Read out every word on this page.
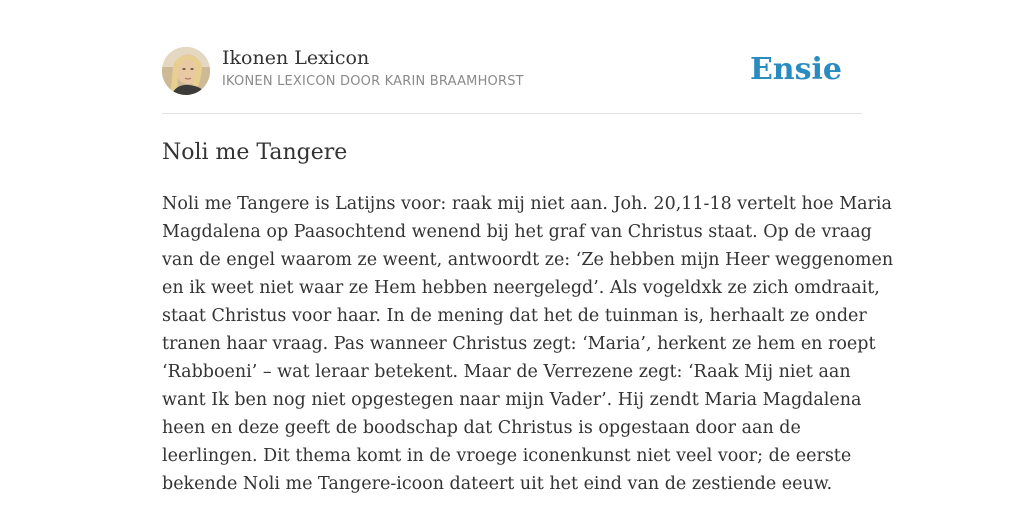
Ikonen Lexicon
IKONEN LEXICON DOOR KARIN BRAAMHORST	Ensie
Noli me Tangere
Noli me Tangere is Latijns voor: raak mij niet aan. Joh. 20,11-18 vertelt hoe Maria
Magdalena op Paasochtend wenend bij het graf van Christus staat. Op de vraag
van de engel waarom ze weent, antwoordt ze: ‘Ze hebben mijn Heer weggenomen
en ik weet niet waar ze Hem hebben neergelegd’. Als vogeldxk ze zich omdraait,
staat Christus voor haar. In de mening dat het de tuinman is, herhaalt ze onder
tranen haar vraag. Pas wanneer Christus zegt: ‘Maria’, herkent ze hem en roept
‘Rabboeni’ – wat leraar betekent. Maar de Verrezene zegt: ‘Raak Mij niet aan
want Ik ben nog niet opgestegen naar mijn Vader’. Hij zendt Maria Magdalena
heen en deze geeft de boodschap dat Christus is opgestaan door aan de
leerlingen. Dit thema komt in de vroege iconenkunst niet veel voor; de eerste
bekende Noli me Tangere-icoon dateert uit het eind van de zestiende eeuw.
